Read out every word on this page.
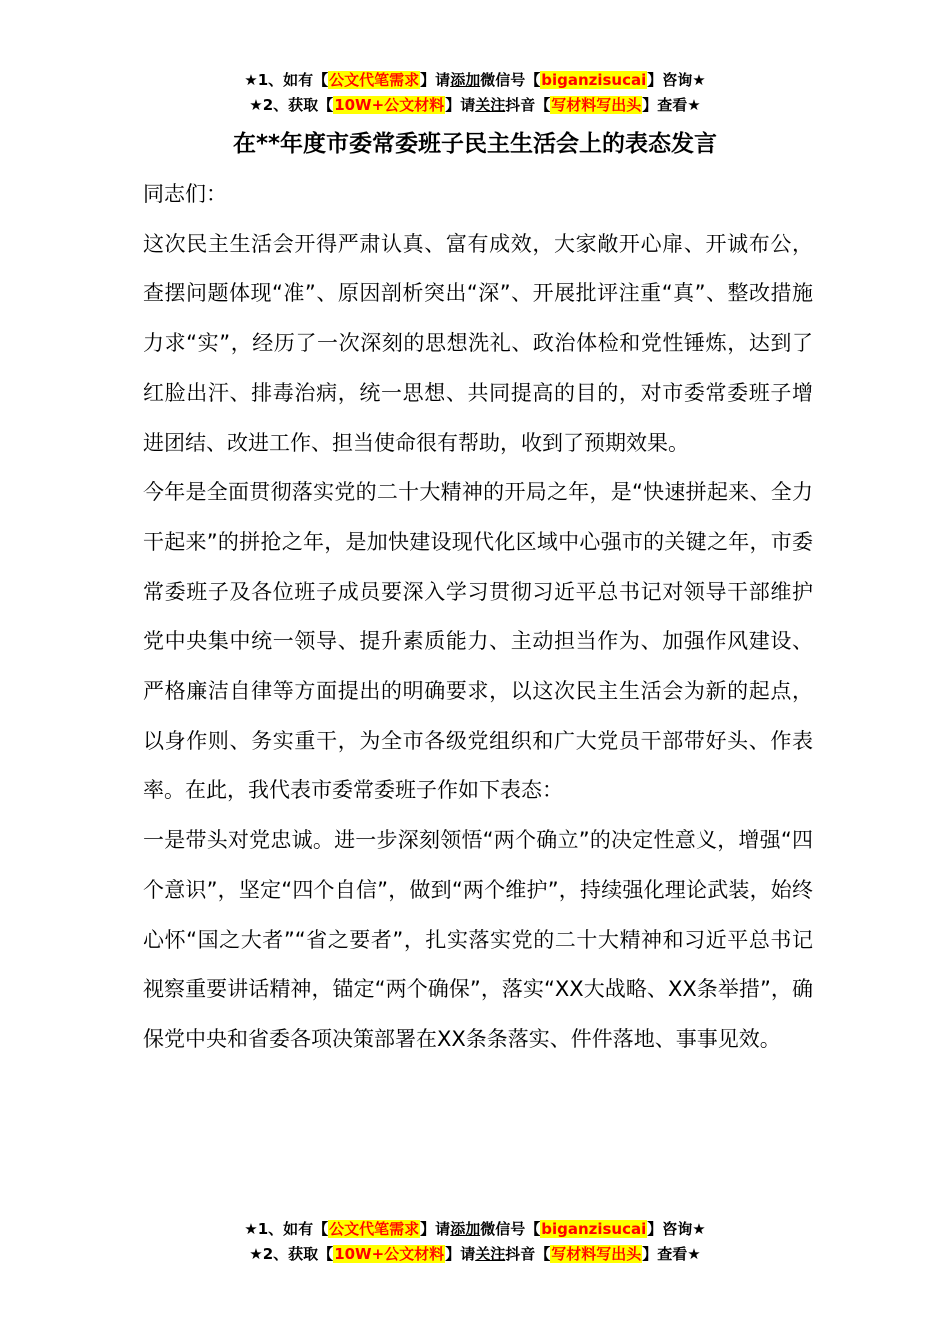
★1、如有【公文代笔需求】请添加微信号【biganzisucai】咨询★
★2、获取【10W+公文材料】请关注抖音【写材料写出头】查看★
在**年度市委常委班子民主生活会上的表态发言

同志们：

这次民主生活会开得严肃认真、富有成效，大家敞开心扉、开诚布公，查摆问题体现“准”、原因剖析突出“深”、开展批评注重“真”、整改措施力求“实”，经历了一次深刻的思想洗礼、政治体检和党性锤炼，达到了红脸出汗、排毒治病，统一思想、共同提高的目的，对市委常委班子增进团结、改进工作、担当使命很有帮助，收到了预期效果。

今年是全面贯彻落实党的二十大精神的开局之年，是“快速拼起来、全力干起来”的拼抢之年，是加快建设现代化区域中心强市的关键之年，市委常委班子及各位班子成员要深入学习贯彻习近平总书记对领导干部维护党中央集中统一领导、提升素质能力、主动担当作为、加强作风建设、严格廉洁自律等方面提出的明确要求，以这次民主生活会为新的起点，以身作则、务实重干，为全市各级党组织和广大党员干部带好头、作表率。在此，我代表市委常委班子作如下表态：

一是带头对党忠诚。进一步深刻领悟“两个确立”的决定性意义，增强“四个意识”，坚定“四个自信”，做到“两个维护”，持续强化理论武装，始终心怀“国之大者”“省之要者”，扎实落实党的二十大精神和习近平总书记视察重要讲话精神，锚定“两个确保”，落实“XX大战略、XX条举措”，确保党中央和省委各项决策部署在XX条条落实、件件落地、事事见效。

★1、如有【公文代笔需求】请添加微信号【biganzisucai】咨询★
★2、获取【10W+公文材料】请关注抖音【写材料写出头】查看★
